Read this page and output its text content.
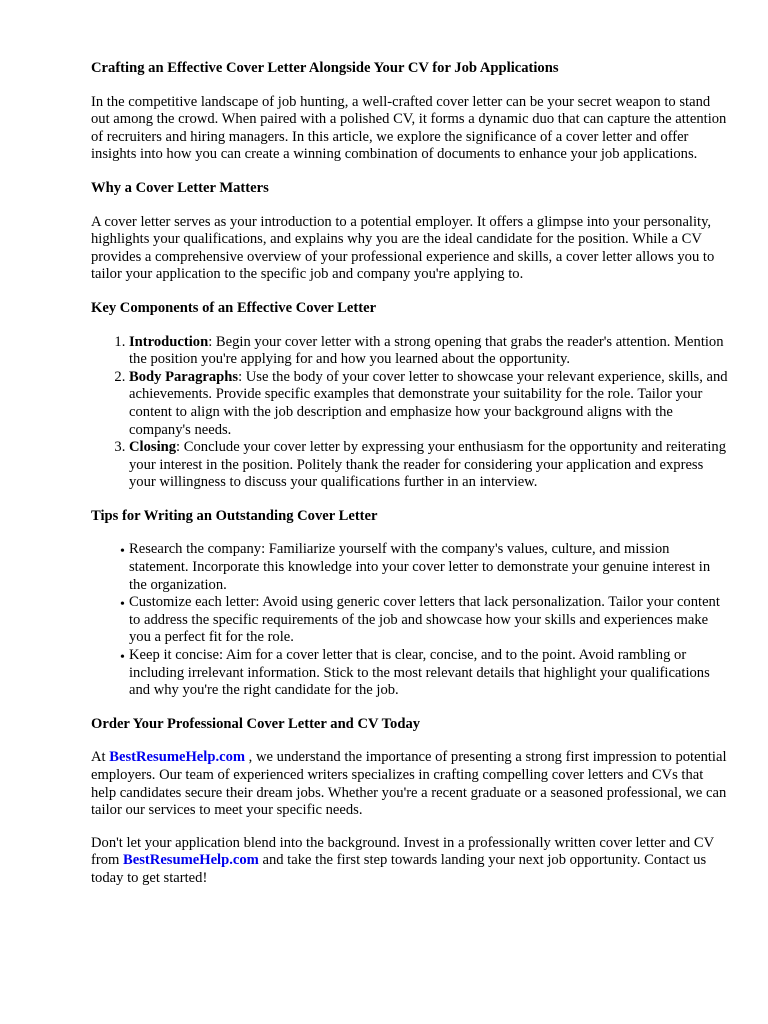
Crafting an Effective Cover Letter Alongside Your CV for Job Applications

In the competitive landscape of job hunting, a well-crafted cover letter can be your secret weapon to stand out among the crowd. When paired with a polished CV, it forms a dynamic duo that can capture the attention of recruiters and hiring managers. In this article, we explore the significance of a cover letter and offer insights into how you can create a winning combination of documents to enhance your job applications.

Why a Cover Letter Matters

A cover letter serves as your introduction to a potential employer. It offers a glimpse into your personality, highlights your qualifications, and explains why you are the ideal candidate for the position. While a CV provides a comprehensive overview of your professional experience and skills, a cover letter allows you to tailor your application to the specific job and company you're applying to.

Key Components of an Effective Cover Letter
1. Introduction: Begin your cover letter with a strong opening that grabs the reader's attention. Mention the position you're applying for and how you learned about the opportunity.
2. Body Paragraphs: Use the body of your cover letter to showcase your relevant experience, skills, and achievements. Provide specific examples that demonstrate your suitability for the role. Tailor your content to align with the job description and emphasize how your background aligns with the company's needs.
3. Closing: Conclude your cover letter by expressing your enthusiasm for the opportunity and reiterating your interest in the position. Politely thank the reader for considering your application and express your willingness to discuss your qualifications further in an interview.
Tips for Writing an Outstanding Cover Letter
• Research the company: Familiarize yourself with the company's values, culture, and mission statement. Incorporate this knowledge into your cover letter to demonstrate your genuine interest in the organization.
• Customize each letter: Avoid using generic cover letters that lack personalization. Tailor your content to address the specific requirements of the job and showcase how your skills and experiences make you a perfect fit for the role.
• Keep it concise: Aim for a cover letter that is clear, concise, and to the point. Avoid rambling or including irrelevant information. Stick to the most relevant details that highlight your qualifications and why you're the right candidate for the job.
Order Your Professional Cover Letter and CV Today

At BestResumeHelp.com , we understand the importance of presenting a strong first impression to potential employers. Our team of experienced writers specializes in crafting compelling cover letters and CVs that help candidates secure their dream jobs. Whether you're a recent graduate or a seasoned professional, we can tailor our services to meet your specific needs.

Don't let your application blend into the background. Invest in a professionally written cover letter and CV from BestResumeHelp.com and take the first step towards landing your next job opportunity. Contact us today to get started!
